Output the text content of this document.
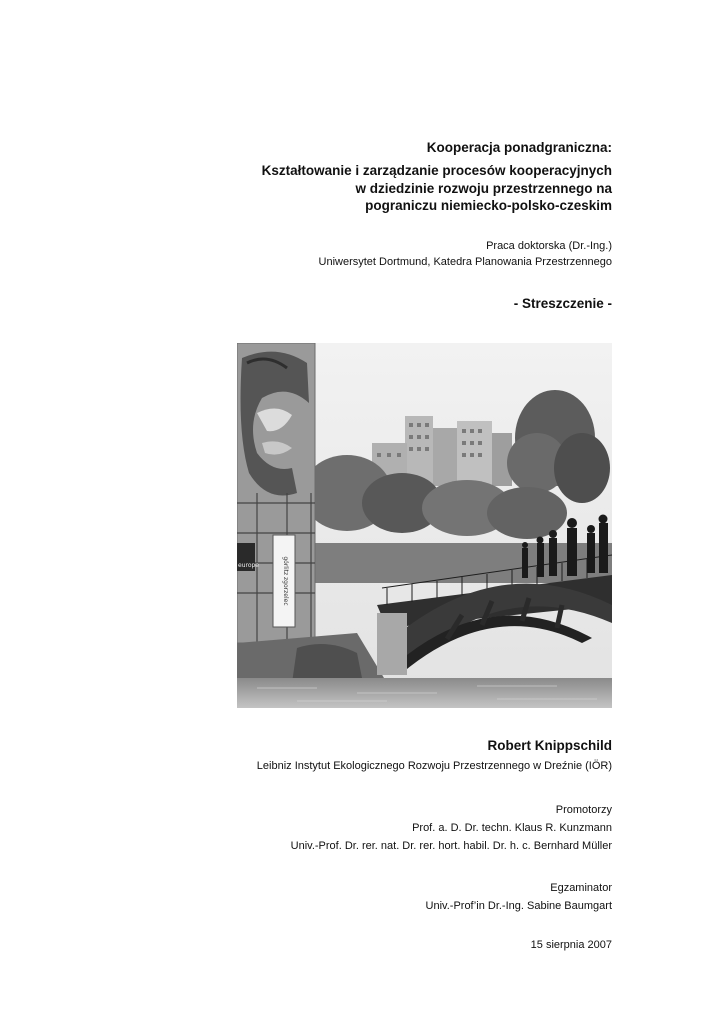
Kooperacja ponadgraniczna:
Kształtowanie i zarządzanie procesów kooperacyjnych
w dziedzinie rozwoju przestrzennego na
pograniczu niemiecko-polsko-czeskim
Praca doktorska (Dr.-Ing.)
Uniwersytet Dortmund, Katedra Planowania Przestrzennego
- Streszczenie -
górlitz zgorzelec
europe
Robert Knippschild
Leibniz Instytut Ekologicznego Rozwoju Przestrzennego w Dreźnie (IÖR)
Promotorzy
Prof. a. D. Dr. techn. Klaus R. Kunzmann
Univ.-Prof. Dr. rer. nat. Dr. rer. hort. habil. Dr. h. c. Bernhard Müller
Egzaminator
Univ.-Prof’in Dr.-Ing. Sabine Baumgart
15 sierpnia 2007
